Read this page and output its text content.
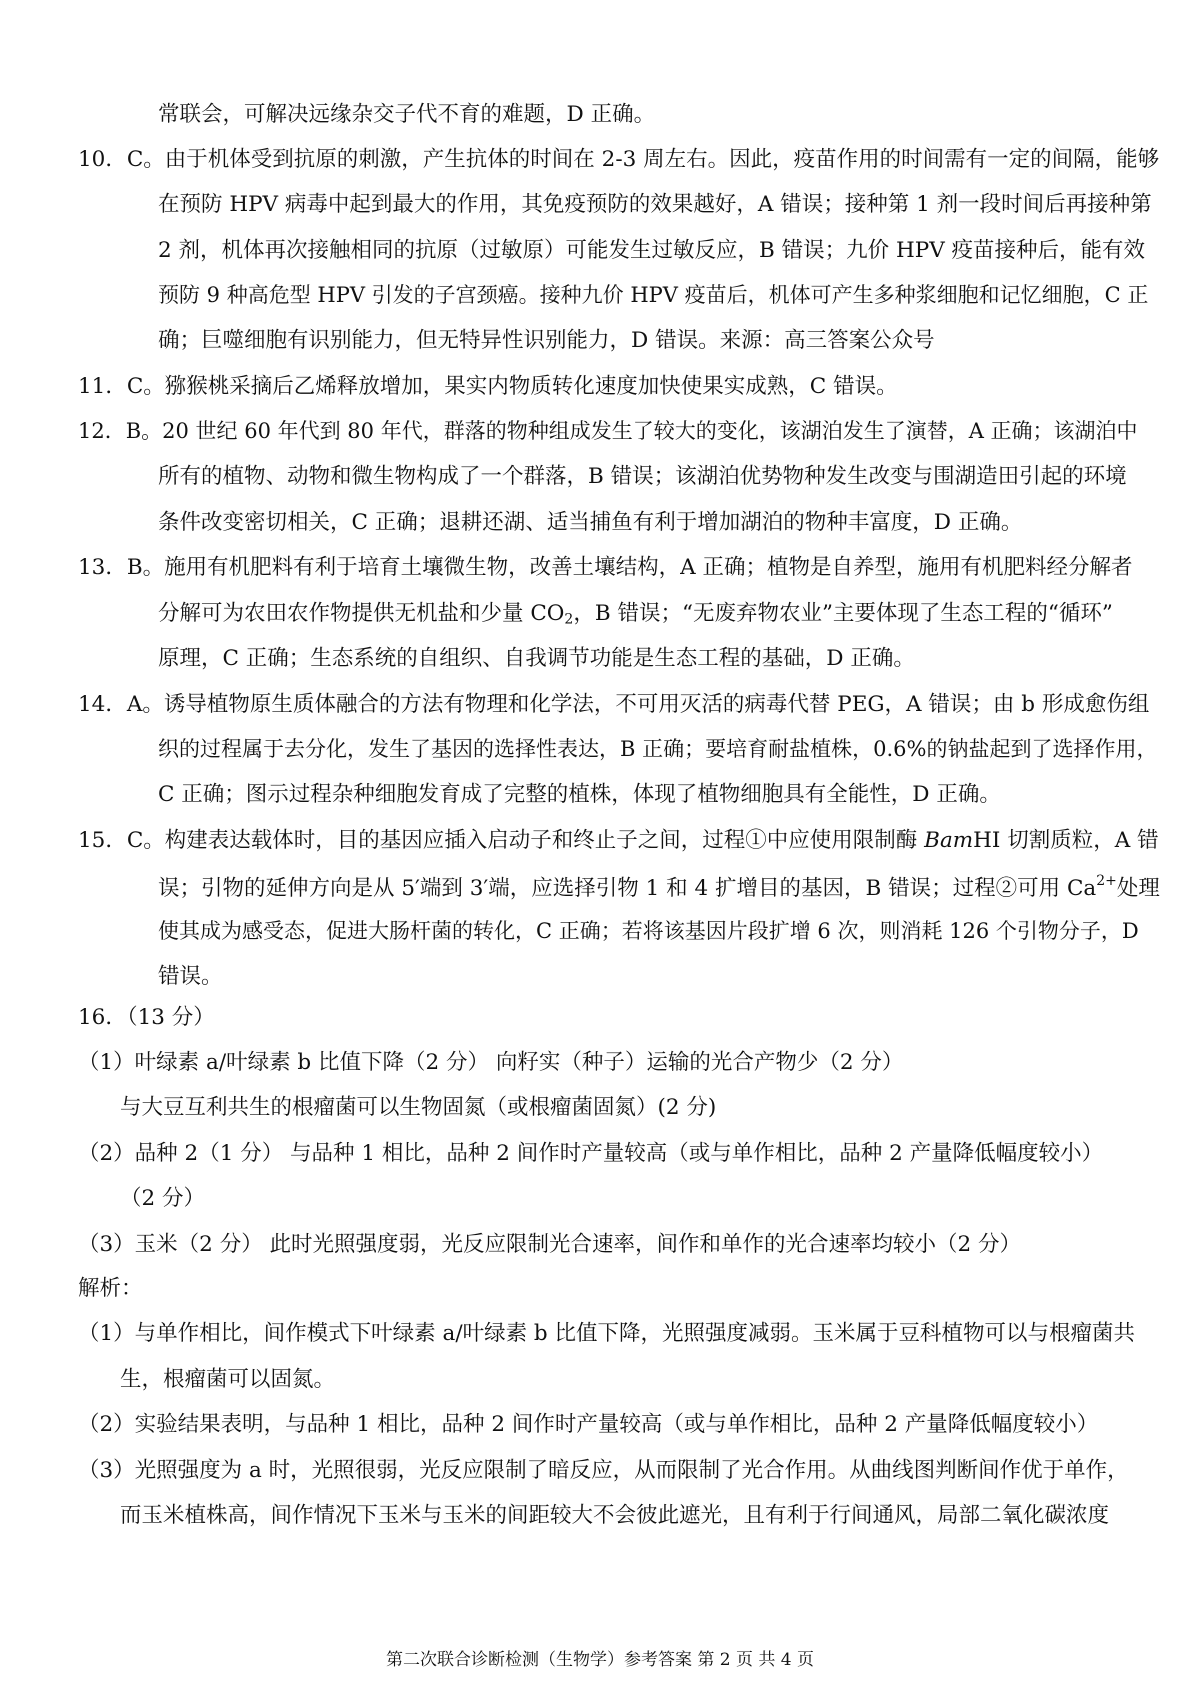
常联会，可解决远缘杂交子代不育的难题，D 正确。
10．C。由于机体受到抗原的刺激，产生抗体的时间在 2-3 周左右。因此，疫苗作用的时间需有一定的间隔，能够
在预防 HPV 病毒中起到最大的作用，其免疫预防的效果越好，A 错误；接种第 1 剂一段时间后再接种第
2 剂，机体再次接触相同的抗原（过敏原）可能发生过敏反应，B 错误；九价 HPV 疫苗接种后，能有效
预防 9 种高危型 HPV 引发的子宫颈癌。接种九价 HPV 疫苗后，机体可产生多种浆细胞和记忆细胞，C 正
确；巨噬细胞有识别能力，但无特异性识别能力，D 错误。来源：高三答案公众号
11．C。猕猴桃采摘后乙烯释放增加，果实内物质转化速度加快使果实成熟，C 错误。
12．B。20 世纪 60 年代到 80 年代，群落的物种组成发生了较大的变化，该湖泊发生了演替，A 正确；该湖泊中
所有的植物、动物和微生物构成了一个群落，B 错误；该湖泊优势物种发生改变与围湖造田引起的环境
条件改变密切相关，C 正确；退耕还湖、适当捕鱼有利于增加湖泊的物种丰富度，D 正确。
13．B。施用有机肥料有利于培育土壤微生物，改善土壤结构，A 正确；植物是自养型，施用有机肥料经分解者
分解可为农田农作物提供无机盐和少量 $CO_2$，B 错误；“无废弃物农业”主要体现了生态工程的“循环”
原理，C 正确；生态系统的自组织、自我调节功能是生态工程的基础，D 正确。
14．A。诱导植物原生质体融合的方法有物理和化学法，不可用灭活的病毒代替 PEG，A 错误；由 b 形成愈伤组
织的过程属于去分化，发生了基因的选择性表达，B 正确；要培育耐盐植株，0.6%的钠盐起到了选择作用，
C 正确；图示过程杂种细胞发育成了完整的植株，体现了植物细胞具有全能性，D 正确。
15．C。构建表达载体时，目的基因应插入启动子和终止子之间，过程①中应使用限制酶 BamHI 切割质粒，A 错
误；引物的延伸方向是从 5′端到 3′端，应选择引物 1 和 4 扩增目的基因，B 错误；过程②可用 $Ca^{2+}$处理
使其成为感受态，促进大肠杆菌的转化，C 正确；若将该基因片段扩增 6 次，则消耗 126 个引物分子，D
错误。
16．（13 分）
（1）叶绿素 a/叶绿素 b 比值下降（2 分） 向籽实（种子）运输的光合产物少（2 分）
与大豆互利共生的根瘤菌可以生物固氮（或根瘤菌固氮）(2 分)
（2）品种 2（1 分） 与品种 1 相比，品种 2 间作时产量较高（或与单作相比，品种 2 产量降低幅度较小）
（2 分）
（3）玉米（2 分） 此时光照强度弱，光反应限制光合速率，间作和单作的光合速率均较小（2 分）
解析：
（1）与单作相比，间作模式下叶绿素 a/叶绿素 b 比值下降，光照强度减弱。玉米属于豆科植物可以与根瘤菌共
生，根瘤菌可以固氮。
（2）实验结果表明，与品种 1 相比，品种 2 间作时产量较高（或与单作相比，品种 2 产量降低幅度较小）
（3）光照强度为 a 时，光照很弱，光反应限制了暗反应，从而限制了光合作用。从曲线图判断间作优于单作，
而玉米植株高，间作情况下玉米与玉米的间距较大不会彼此遮光，且有利于行间通风，局部二氧化碳浓度
第二次联合诊断检测（生物学）参考答案 第 2 页 共 4 页
